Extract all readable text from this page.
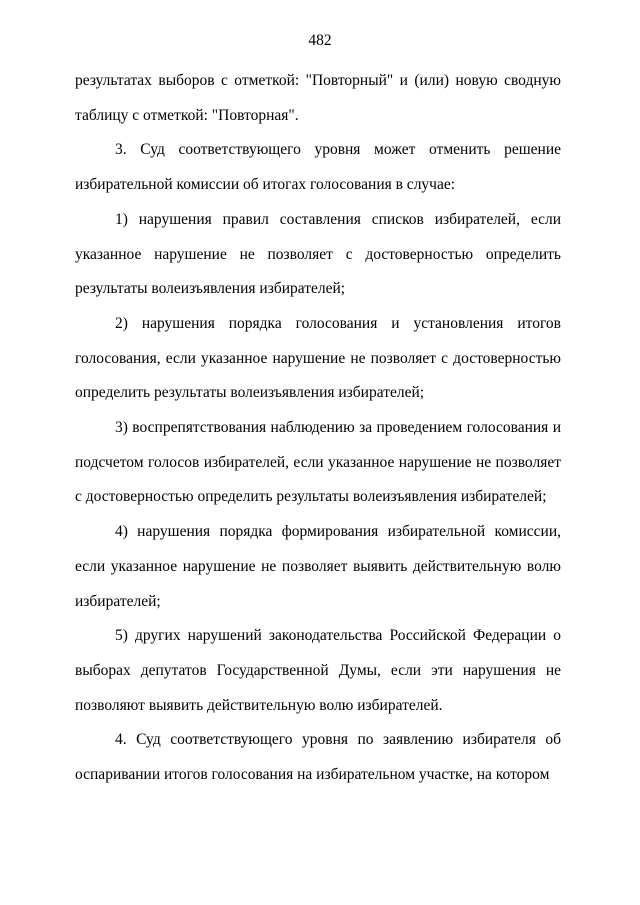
482

результатах выборов с отметкой: "Повторный" и (или) новую сводную таблицу с отметкой: "Повторная".

3. Суд соответствующего уровня может отменить решение избирательной комиссии об итогах голосования в случае:

1) нарушения правил составления списков избирателей, если указанное нарушение не позволяет с достоверностью определить результаты волеизъявления избирателей;

2) нарушения порядка голосования и установления итогов голосования, если указанное нарушение не позволяет с достоверностью определить результаты волеизъявления избирателей;

3) воспрепятствования наблюдению за проведением голосования и подсчетом голосов избирателей, если указанное нарушение не позволяет с достоверностью определить результаты волеизъявления избирателей;

4) нарушения порядка формирования избирательной комиссии, если указанное нарушение не позволяет выявить действительную волю избирателей;

5) других нарушений законодательства Российской Федерации о выборах депутатов Государственной Думы, если эти нарушения не позволяют выявить действительную волю избирателей.

4. Суд соответствующего уровня по заявлению избирателя об оспаривании итогов голосования на избирательном участке, на котором
